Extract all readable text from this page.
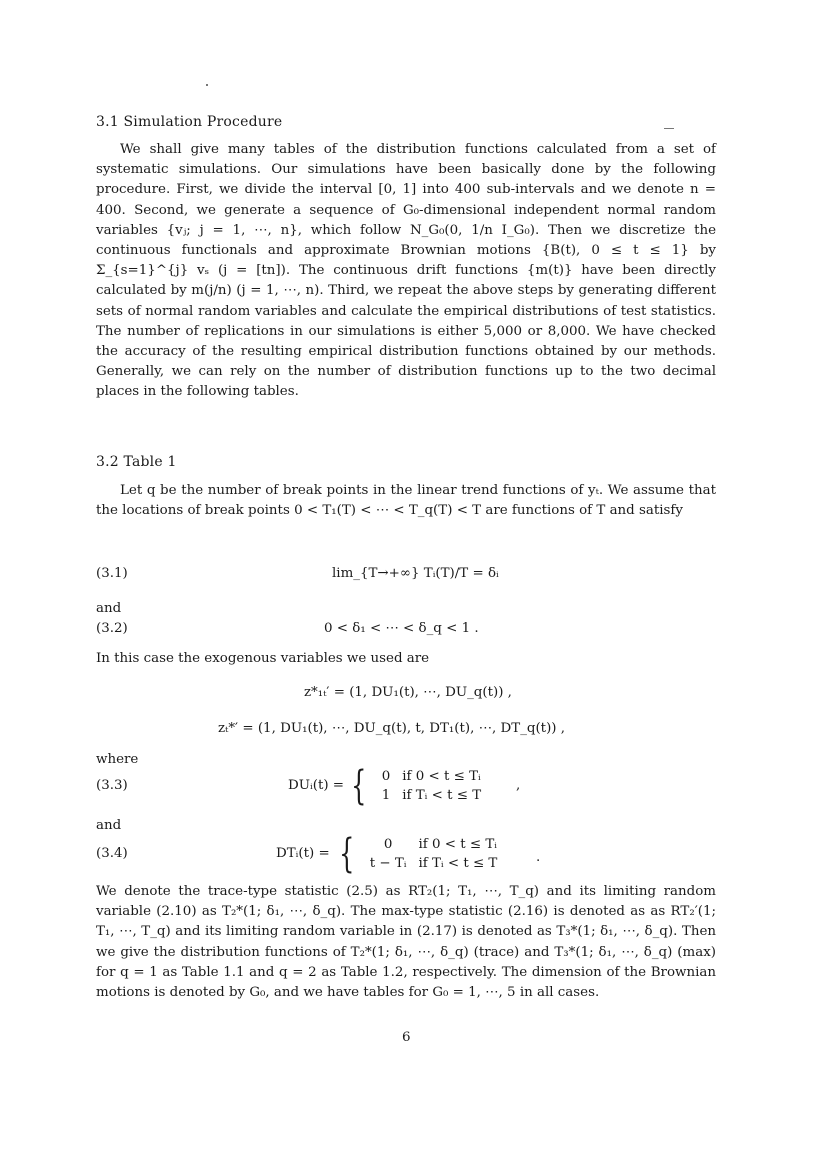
3.1 Simulation Procedure
We shall give many tables of the distribution functions calculated from a set of systematic simulations. Our simulations have been basically done by the following procedure. First, we divide the interval [0, 1] into 400 sub-intervals and we denote n = 400. Second, we generate a sequence of G₀-dimensional independent normal random variables {vⱼ; j = 1, ⋯, n}, which follow N_G₀(0, 1/n I_G₀). Then we discretize the continuous functionals and approximate Brownian motions {B(t), 0 ≤ t ≤ 1} by Σ_{s=1}^{j} vₛ (j = [tn]). The continuous drift functions {m(t)} have been directly calculated by m(j/n) (j = 1, ⋯, n). Third, we repeat the above steps by generating different sets of normal random variables and calculate the empirical distributions of test statistics. The number of replications in our simulations is either 5,000 or 8,000. We have checked the accuracy of the resulting empirical distribution functions obtained by our methods. Generally, we can rely on the number of distribution functions up to the two decimal places in the following tables.
3.2 Table 1
Let q be the number of break points in the linear trend functions of yₜ. We assume that the locations of break points 0 < T₁(T) < ⋯ < T_q(T) < T are functions of T and satisfy
(3.1)	lim_{T→+∞} Tᵢ(T)/T = δᵢ
and
(3.2)	0 < δ₁ < ⋯ < δ_q < 1 .
In this case the exogenous variables we used are
z*₁ₜ′ = (1, DU₁(t), ⋯, DU_q(t)) ,
zₜ*′ = (1, DU₁(t), ⋯, DU_q(t), t, DT₁(t), ⋯, DT_q(t)) ,
where
(3.3)	DUᵢ(t) = { 0	if 0 < t ≤ Tᵢ
1	if Tᵢ < t ≤ T
,
and
(3.4)	DTᵢ(t) = { 0	if 0 < t ≤ Tᵢ
t − Tᵢ	if Tᵢ < t ≤ T	.
We denote the trace-type statistic (2.5) as RT₂(1; T₁, ⋯, T_q) and its limiting random variable (2.10) as T₂*(1; δ₁, ⋯, δ_q). The max-type statistic (2.16) is denoted as as RT₂′(1; T₁, ⋯, T_q) and its limiting random variable in (2.17) is denoted as T₃*(1; δ₁, ⋯, δ_q). Then we give the distribution functions of T₂*(1; δ₁, ⋯, δ_q) (trace) and T₃*(1; δ₁, ⋯, δ_q) (max) for q = 1 as Table 1.1 and q = 2 as Table 1.2, respectively. The dimension of the Brownian motions is denoted by G₀, and we have tables for G₀ = 1, ⋯, 5 in all cases.
6
